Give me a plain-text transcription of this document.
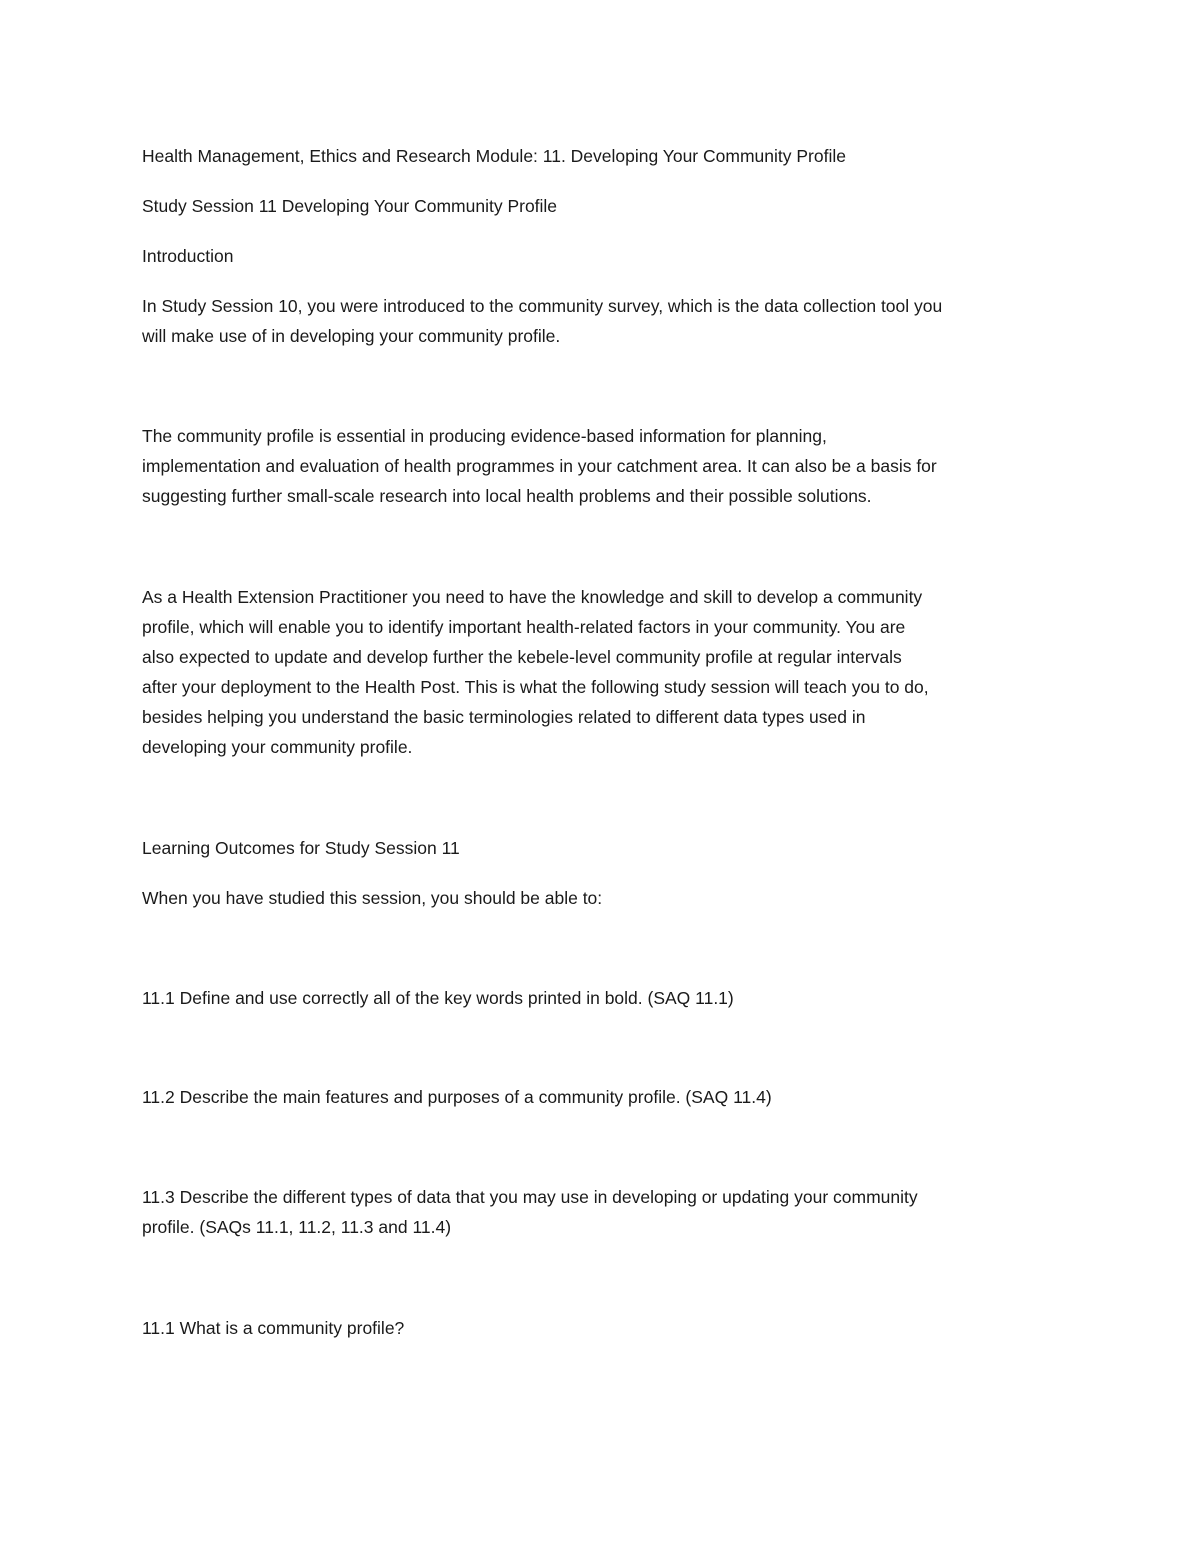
Health Management, Ethics and Research Module: 11. Developing Your Community Profile

Study Session 11 Developing Your Community Profile

Introduction

In Study Session 10, you were introduced to the community survey, which is the data collection tool you

will make use of in developing your community profile.

The community profile is essential in producing evidence-based information for planning,

implementation and evaluation of health programmes in your catchment area. It can also be a basis for

suggesting further small-scale research into local health problems and their possible solutions.

As a Health Extension Practitioner you need to have the knowledge and skill to develop a community

profile, which will enable you to identify important health-related factors in your community. You are

also expected to update and develop further the kebele-level community profile at regular intervals

after your deployment to the Health Post. This is what the following study session will teach you to do,

besides helping you understand the basic terminologies related to different data types used in

developing your community profile.

Learning Outcomes for Study Session 11

When you have studied this session, you should be able to:

11.1 Define and use correctly all of the key words printed in bold. (SAQ 11.1)

11.2 Describe the main features and purposes of a community profile. (SAQ 11.4)

11.3 Describe the different types of data that you may use in developing or updating your community

profile. (SAQs 11.1, 11.2, 11.3 and 11.4)

11.1 What is a community profile?
